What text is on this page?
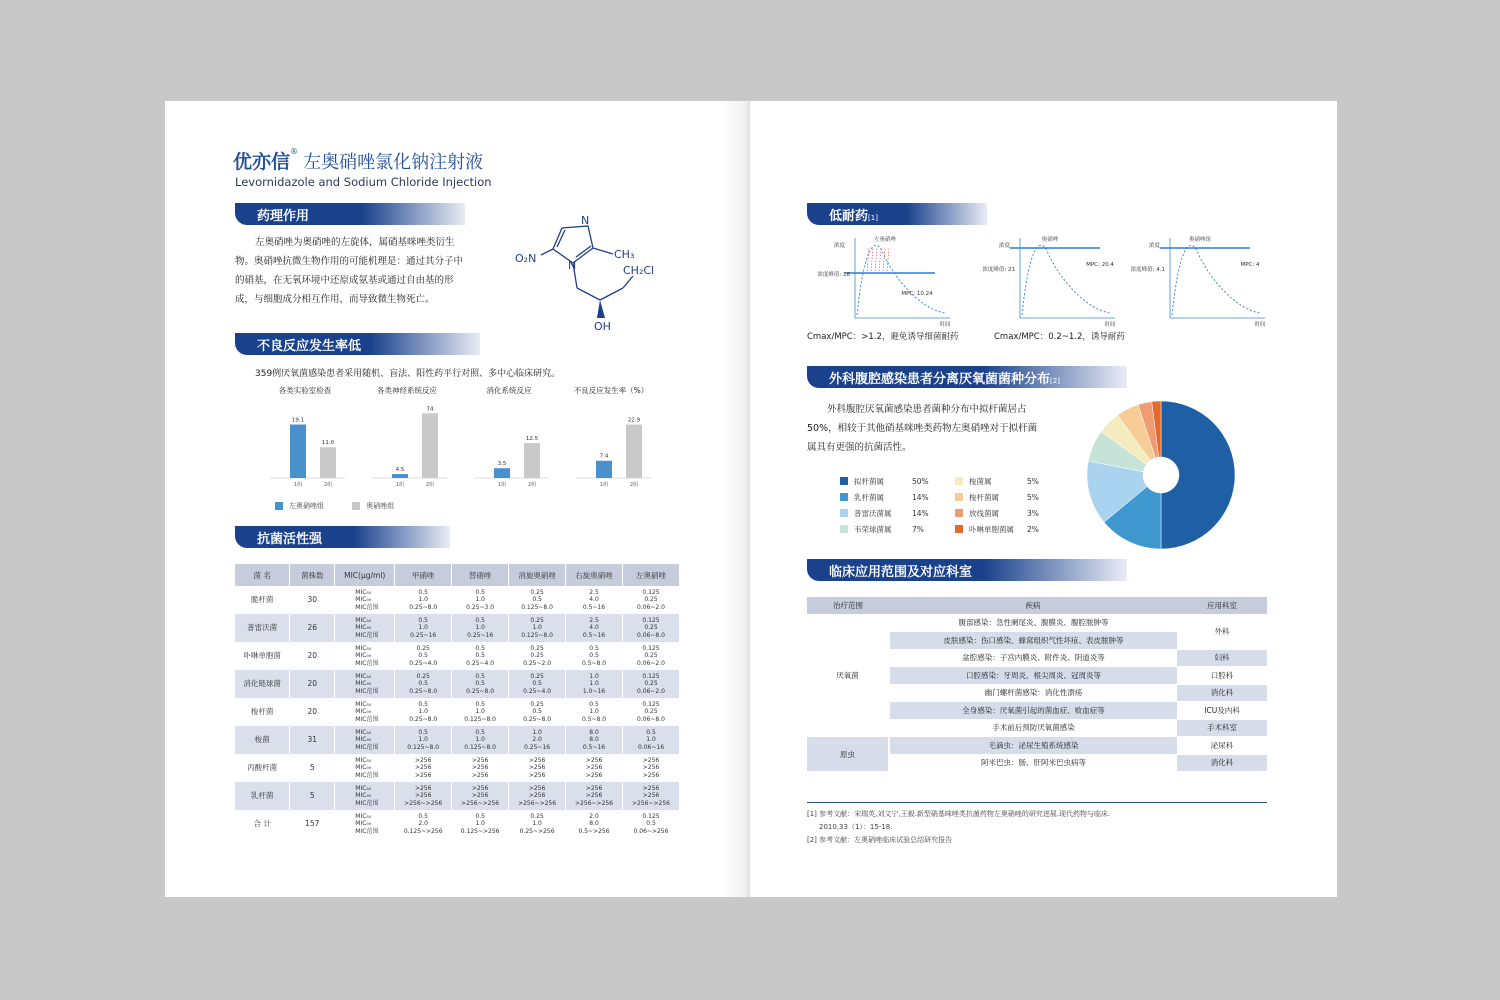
优亦信® 左奥硝唑氯化钠注射液
Levornidazole and Sodium Chloride Injection
药理作用
左奥硝唑为奥硝唑的左旋体，属硝基咪唑类衍生
物。奥硝唑抗微生物作用的可能机理是：通过其分子中
的硝基，在无氧环境中还原成氨基或通过自由基的形
成，与细胞成分相互作用，而导致微生物死亡。
N
N
CH₃
O₂N
CH₂Cl
OH
不良反应发生率低
359例厌氧菌感染患者采用随机、盲法、阳性药平行对照、多中心临床研究。
各类实验室检查
19.1
1组
11.0
2组
各类神经系统反应
4.5
1组
74
2组
消化系统反应
3.5
1组
12.5
2组
不良反应发生率（%）
7.4
1组
22.9
2组
左奥硝唑组	奥硝唑组
抗菌活性强
菌 名	菌株数	MIC(μg/ml)	甲硝唑	替硝唑	消旋奥硝唑	右旋奥硝唑	左奥硝唑
脆杆菌	30	MIC₅₀
MIC₉₀
MIC范围	0.5
1.0
0.25~8.0	0.5
1.0
0.25~3.0	0.25
0.5
0.125~8.0	2.5
4.0
0.5~16	0.125
0.25
0.06~2.0
普雷沃菌	26	MIC₅₀
MIC₉₀
MIC范围	0.5
1.0
0.25~16	0.5
1.0
0.25~16	0.25
1.0
0.125~8.0	2.5
4.0
0.5~16	0.125
0.25
0.06~8.0
卟啉单胞菌	20	MIC₅₀
MIC₉₀
MIC范围	0.25
0.5
0.25~4.0	0.5
0.5
0.25~4.0	0.25
0.25
0.25~2.0	0.5
0.5
0.5~8.0	0.125
0.25
0.06~2.0
消化链球菌	20	MIC₅₀
MIC₉₀
MIC范围	0.25
0.5
0.25~8.0	0.5
0.5
0.25~8.0	0.25
0.5
0.25~4.0	1.0
1.0
1.0~16	0.125
0.25
0.06~2.0
梭杆菌	20	MIC₅₀
MIC₉₀
MIC范围	0.5
1.0
0.25~8.0	0.5
1.0
0.125~8.0	0.25
0.5
0.25~8.0	0.5
1.0
0.5~8.0	0.125
0.25
0.06~8.0
梭菌	31	MIC₅₀
MIC₉₀
MIC范围	0.5
1.0
0.125~8.0	0.5
1.0
0.125~8.0	1.0
2.0
0.25~16	8.0
8.0
0.5~16	0.5
1.0
0.06~16
丙酸杆菌	5	MIC₅₀
MIC₉₀
MIC范围	>256
>256
>256	>256
>256
>256	>256
>256
>256	>256
>256
>256	>256
>256
>256
乳杆菌	5	MIC₅₀
MIC₉₀
MIC范围	>256
>256
>256~>256	>256
>256
>256~>256	>256
>256
>256~>256	>256
>256
>256~>256	>256
>256
>256~>256
合 计	157	MIC₅₀
MIC₉₀
MIC范围	0.5
2.0
0.125~>256	0.5
1.0
0.125~>256	0.25
1.0
0.25~>256	2.0
8.0
0.5~>256	0.125
0.5
0.06~>256
低耐药[1]
浓度
左奥硝唑
浓度峰值: 18
MPC: 10.24
时间
浓度
奥硝唑
浓度峰值: 21
MPC: 20.4
时间
浓度
奥硝唑组
浓度峰值: 4.1
MPC: 4
时间
Cmax/MPC：>1.2，避免诱导细菌耐药	Cmax/MPC：0.2~1.2，诱导耐药
外科腹腔感染患者分离厌氧菌菌种分布[2]
外科腹腔厌氧菌感染患者菌种分布中拟杆菌居占
50%，相较于其他硝基咪唑类药物左奥硝唑对于拟杆菌
属具有更强的抗菌活性。
拟杆菌属	50%	梭菌属	5%
乳杆菌属	14%	梭杆菌属	5%
普雷沃菌属	14%	放线菌属	3%
韦荣球菌属	7%	卟啉单胞菌属	2%
临床应用范围及对应科室
治疗范围	疾病	应用科室
厌氧菌	腹部感染：急性阑尾炎、腹膜炎、腹腔脓肿等	外科
	皮肤感染：伤口感染、蜂窝组织气性坏疽、表皮脓肿等	
	盆腔感染：子宫内膜炎、附件炎、阴道炎等	妇科
	口腔感染：牙周炎、根尖周炎、冠周炎等	口腔科
	幽门螺杆菌感染：消化性溃疡	消化科
	全身感染：厌氧菌引起的菌血症、败血症等	ICU及内科
	手术前后预防厌氧菌感染	手术科室
原虫	毛滴虫：泌尿生殖系统感染	泌尿科
	阿米巴虫：肠、肝阿米巴虫病等	消化科
[1] 参考文献：宋瑞英,刘文宁,王毅.新型硝基咪唑类抗菌药物左奥硝唑的研究进展.现代药物与临床.
2010,33（1）：15-18.
[2] 参考文献：左奥硝唑临床试验总结研究报告
